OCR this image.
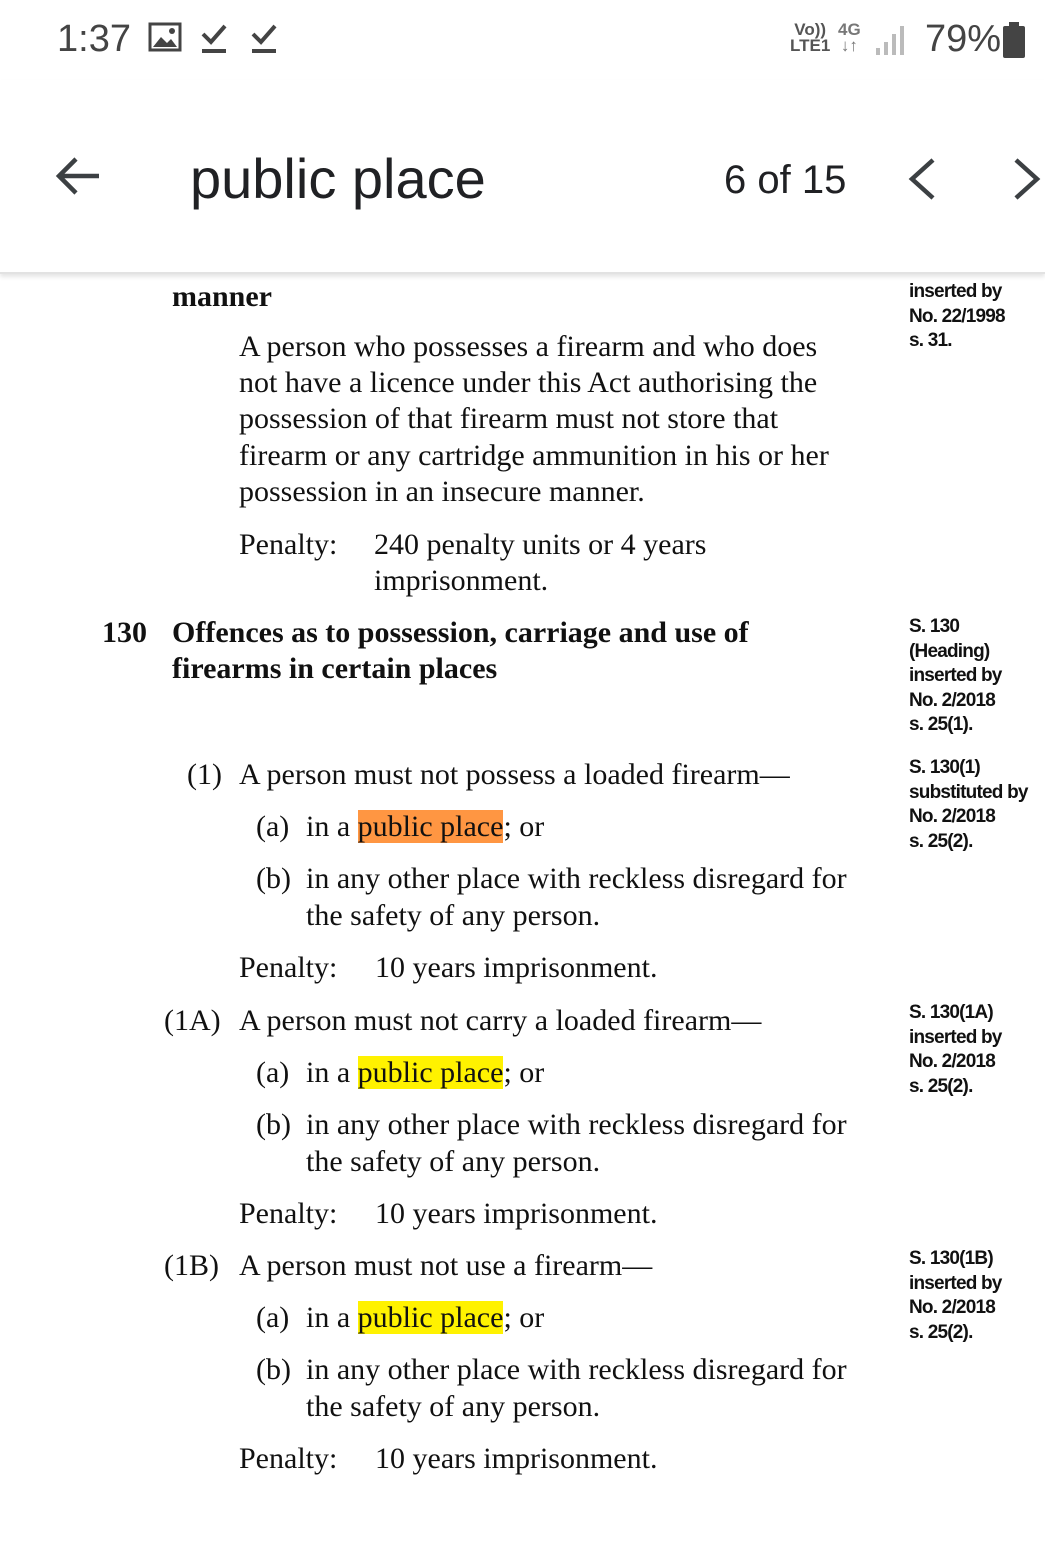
1:37	Vo))
LTE1
4G
↓↑ 79%
public place	6 of 15
manner	inserted by
No. 22/1998
s. 31.
A person who possesses a firearm and who does
not have a licence under this Act authorising the
possession of that firearm must not store that
firearm or any cartridge ammunition in his or her
possession in an insecure manner.
Penalty: 240 penalty units or 4 years
imprisonment.
130 Offences as to possession, carriage and use of
firearms in certain places
S. 130
(Heading)
inserted by
No. 2/2018
s. 25(1).
(1) A person must not possess a loaded firearm—	S. 130(1)
substituted by
No. 2/2018
s. 25(2).
(a) in a public place; or
(b) in any other place with reckless disregard for
the safety of any person.
Penalty: 10 years imprisonment.
(1A) A person must not carry a loaded firearm—	S. 130(1A)
inserted by
No. 2/2018
s. 25(2).
(a) in a public place; or
(b) in any other place with reckless disregard for
the safety of any person.
Penalty: 10 years imprisonment.
(1B) A person must not use a firearm—	S. 130(1B)
inserted by
No. 2/2018
s. 25(2).
(a) in a public place; or
(b) in any other place with reckless disregard for
the safety of any person.
Penalty: 10 years imprisonment.
